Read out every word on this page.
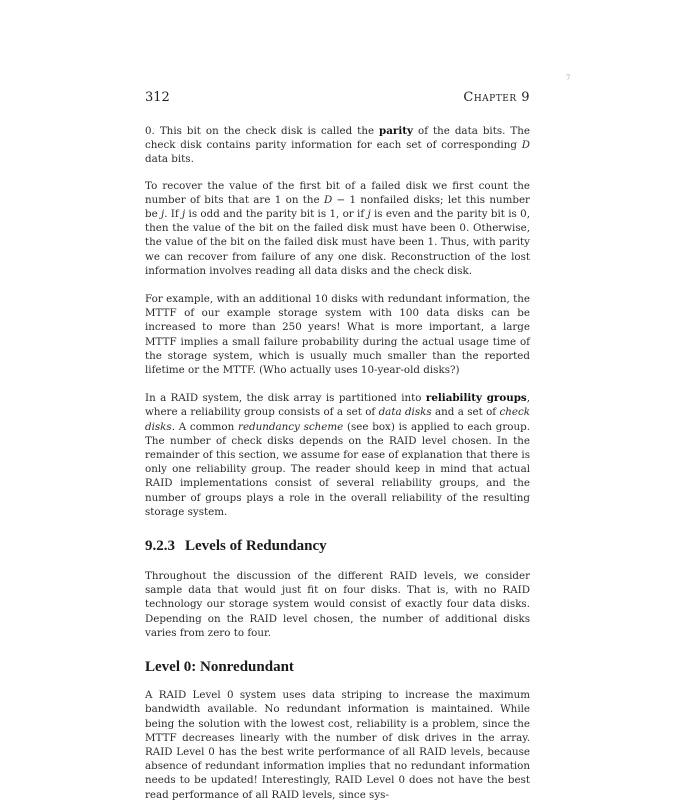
7
312	Chapter 9

0. This bit on the check disk is called the parity of the data bits. The check disk contains parity information for each set of corresponding D data bits.

To recover the value of the first bit of a failed disk we first count the number of bits that are 1 on the D − 1 nonfailed disks; let this number be j. If j is odd and the parity bit is 1, or if j is even and the parity bit is 0, then the value of the bit on the failed disk must have been 0. Otherwise, the value of the bit on the failed disk must have been 1. Thus, with parity we can recover from failure of any one disk. Reconstruction of the lost information involves reading all data disks and the check disk.

For example, with an additional 10 disks with redundant information, the MTTF of our example storage system with 100 data disks can be increased to more than 250 years! What is more important, a large MTTF implies a small failure probability during the actual usage time of the storage system, which is usually much smaller than the reported lifetime or the MTTF. (Who actually uses 10-year-old disks?)

In a RAID system, the disk array is partitioned into reliability groups, where a reliability group consists of a set of data disks and a set of check disks. A common redundancy scheme (see box) is applied to each group. The number of check disks depends on the RAID level chosen. In the remainder of this section, we assume for ease of explanation that there is only one reliability group. The reader should keep in mind that actual RAID implementations consist of several reliability groups, and the number of groups plays a role in the overall reliability of the resulting storage system.

9.2.3 Levels of Redundancy

Throughout the discussion of the different RAID levels, we consider sample data that would just fit on four disks. That is, with no RAID technology our storage system would consist of exactly four data disks. Depending on the RAID level chosen, the number of additional disks varies from zero to four.

Level 0: Nonredundant

A RAID Level 0 system uses data striping to increase the maximum bandwidth available. No redundant information is maintained. While being the solution with the lowest cost, reliability is a problem, since the MTTF decreases linearly with the number of disk drives in the array. RAID Level 0 has the best write performance of all RAID levels, because absence of redundant information implies that no redundant information needs to be updated! Interestingly, RAID Level 0 does not have the best read performance of all RAID levels, since sys-
